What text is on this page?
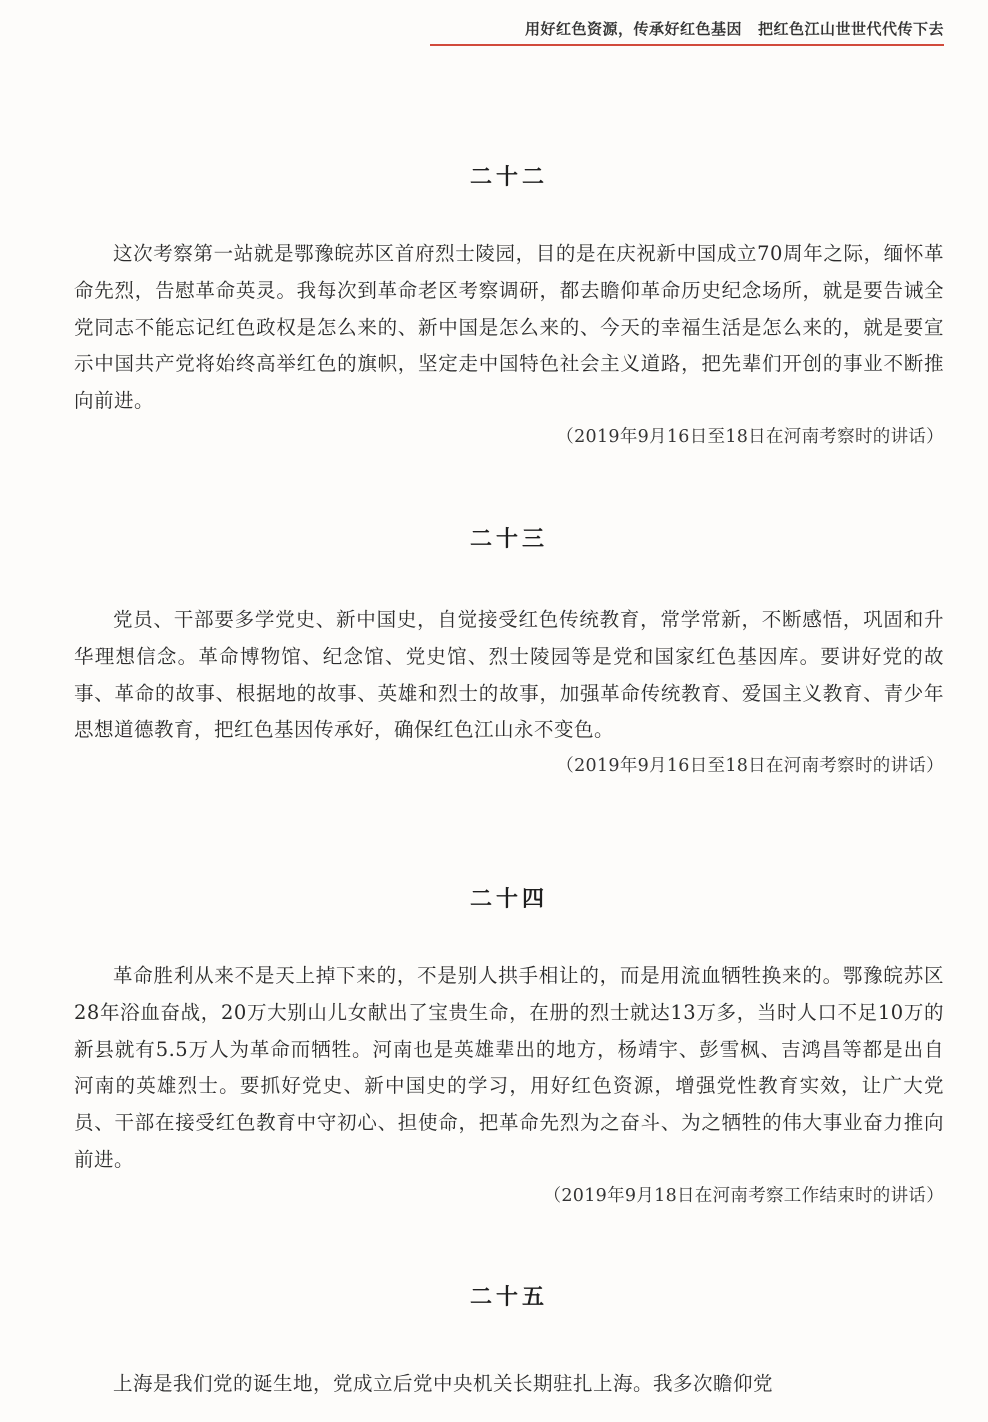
用好红色资源，传承好红色基因 把红色江山世世代代传下去
二十二

这次考察第一站就是鄂豫皖苏区首府烈士陵园，目的是在庆祝新中国成立70周年之际，缅怀革命先烈，告慰革命英灵。我每次到革命老区考察调研，都去瞻仰革命历史纪念场所，就是要告诫全党同志不能忘记红色政权是怎么来的、新中国是怎么来的、今天的幸福生活是怎么来的，就是要宣示中国共产党将始终高举红色的旗帜，坚定走中国特色社会主义道路，把先辈们开创的事业不断推向前进。

（2019年9月16日至18日在河南考察时的讲话）
二十三

党员、干部要多学党史、新中国史，自觉接受红色传统教育，常学常新，不断感悟，巩固和升华理想信念。革命博物馆、纪念馆、党史馆、烈士陵园等是党和国家红色基因库。要讲好党的故事、革命的故事、根据地的故事、英雄和烈士的故事，加强革命传统教育、爱国主义教育、青少年思想道德教育，把红色基因传承好，确保红色江山永不变色。

（2019年9月16日至18日在河南考察时的讲话）
二十四

革命胜利从来不是天上掉下来的，不是别人拱手相让的，而是用流血牺牲换来的。鄂豫皖苏区28年浴血奋战，20万大别山儿女献出了宝贵生命，在册的烈士就达13万多，当时人口不足10万的新县就有5.5万人为革命而牺牲。河南也是英雄辈出的地方，杨靖宇、彭雪枫、吉鸿昌等都是出自河南的英雄烈士。要抓好党史、新中国史的学习，用好红色资源，增强党性教育实效，让广大党员、干部在接受红色教育中守初心、担使命，把革命先烈为之奋斗、为之牺牲的伟大事业奋力推向前进。

（2019年9月18日在河南考察工作结束时的讲话）
二十五

上海是我们党的诞生地，党成立后党中央机关长期驻扎上海。我多次瞻仰党
